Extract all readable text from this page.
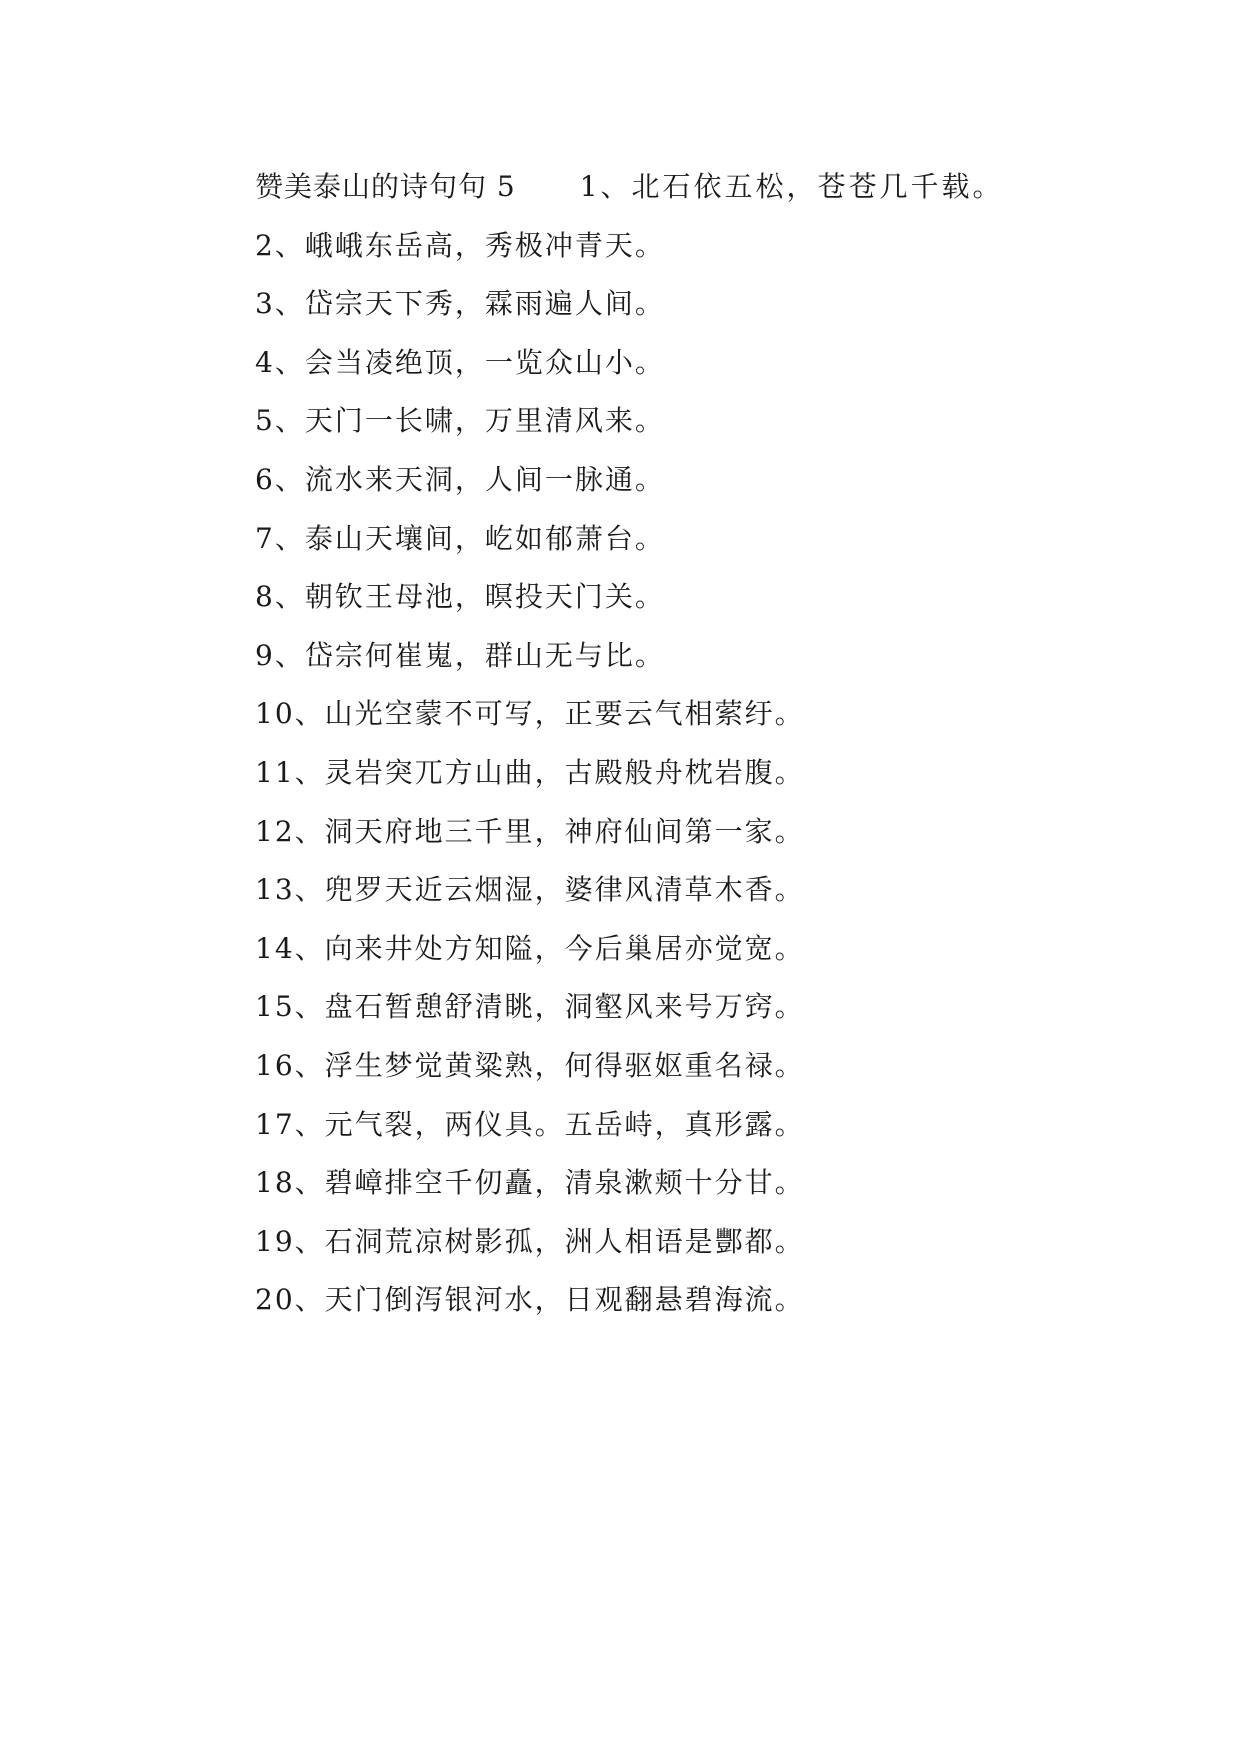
赞美泰山的诗句句 5 1、北石依五松，苍苍几千载。
2、峨峨东岳高，秀极冲青天。
3、岱宗天下秀，霖雨遍人间。
4、会当凌绝顶，一览众山小。
5、天门一长啸，万里清风来。
6、流水来天洞，人间一脉通。
7、泰山天壤间，屹如郁萧台。
8、朝钦王母池，暝投天门关。
9、岱宗何崔嵬，群山无与比。
10、山光空蒙不可写，正要云气相萦纡。
11、灵岩突兀方山曲，古殿般舟枕岩腹。
12、洞天府地三千里，神府仙间第一家。
13、兜罗天近云烟湿，婆律风清草木香。
14、向来井处方知隘，今后巢居亦觉宽。
15、盘石暂憩舒清眺，洞壑风来号万窍。
16、浮生梦觉黄粱熟，何得驱妪重名禄。
17、元气裂，两仪具。五岳峙，真形露。
18、碧嶂排空千仞矗，清泉漱颊十分甘。
19、石洞荒凉树影孤，洲人相语是酆都。
20、天门倒泻银河水，日观翻悬碧海流。
